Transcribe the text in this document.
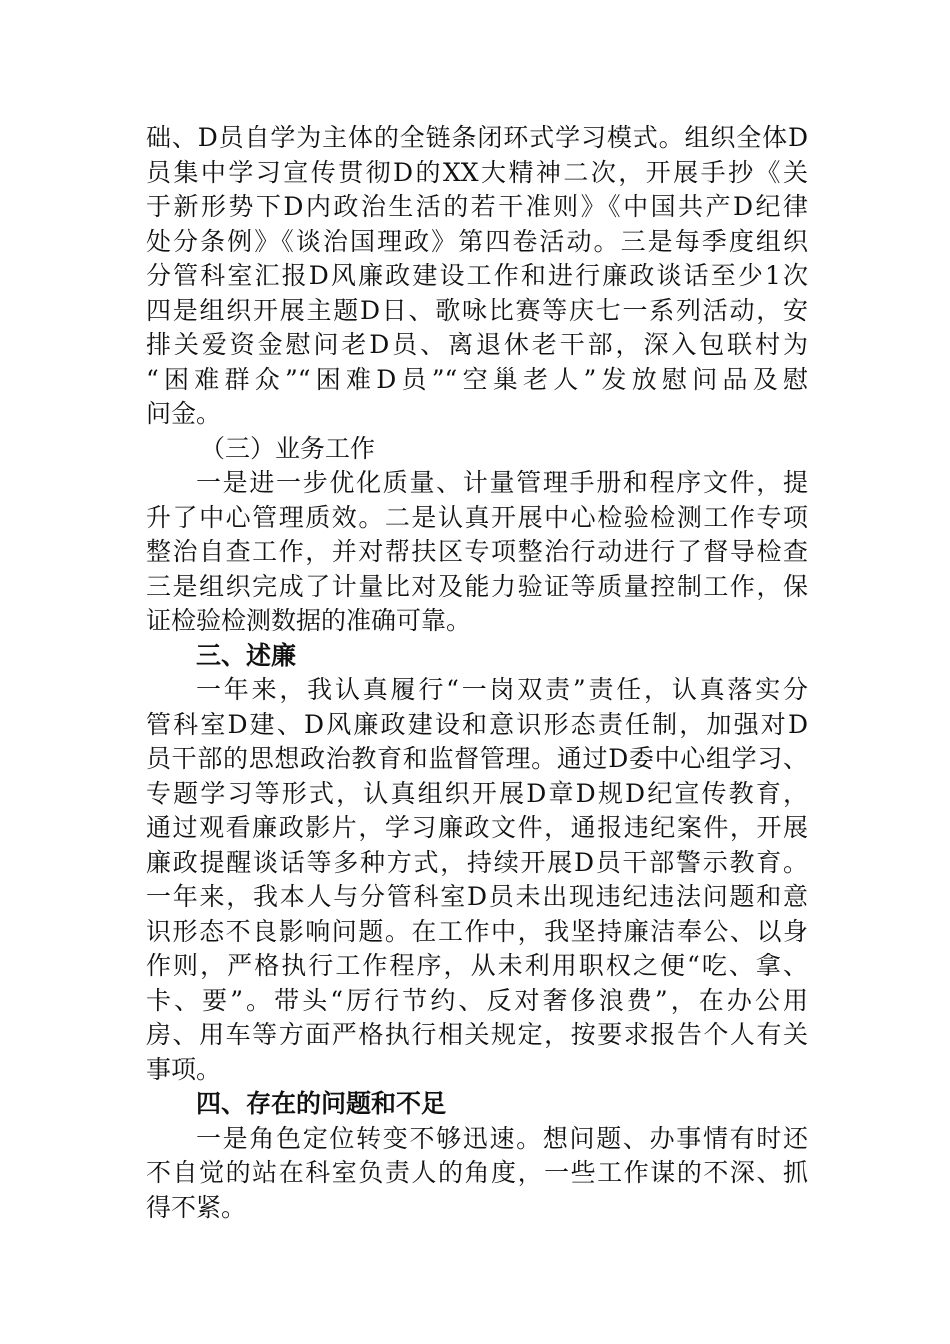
础、D员自学为主体的全链条闭环式学习模式。组织全体D
员集中学习宣传贯彻D的XX大精神二次，开展手抄《关
于新形势下D内政治生活的若干准则》《中国共产D纪律
处分条例》《谈治国理政》第四卷活动。三是每季度组织
分管科室汇报D风廉政建设工作和进行廉政谈话至少1次
四是组织开展主题D日、歌咏比赛等庆七一系列活动，安
排关爱资金慰问老D员、离退休老干部，深入包联村为
“困难群众”“困难D员”“空巢老人”发放慰问品及慰
问金。
（三）业务工作
一是进一步优化质量、计量管理手册和程序文件，提
升了中心管理质效。二是认真开展中心检验检测工作专项
整治自查工作，并对帮扶区专项整治行动进行了督导检查
三是组织完成了计量比对及能力验证等质量控制工作，保
证检验检测数据的准确可靠。
三、述廉
一年来，我认真履行“一岗双责”责任，认真落实分
管科室D建、D风廉政建设和意识形态责任制，加强对D
员干部的思想政治教育和监督管理。通过D委中心组学习、
专题学习等形式，认真组织开展D章D规D纪宣传教育，
通过观看廉政影片，学习廉政文件，通报违纪案件，开展
廉政提醒谈话等多种方式，持续开展D员干部警示教育。
一年来，我本人与分管科室D员未出现违纪违法问题和意
识形态不良影响问题。在工作中，我坚持廉洁奉公、以身
作则，严格执行工作程序，从未利用职权之便“吃、拿、
卡、要”。带头“厉行节约、反对奢侈浪费”，在办公用
房、用车等方面严格执行相关规定，按要求报告个人有关
事项。
四、存在的问题和不足
一是角色定位转变不够迅速。想问题、办事情有时还
不自觉的站在科室负责人的角度，一些工作谋的不深、抓
得不紧。
